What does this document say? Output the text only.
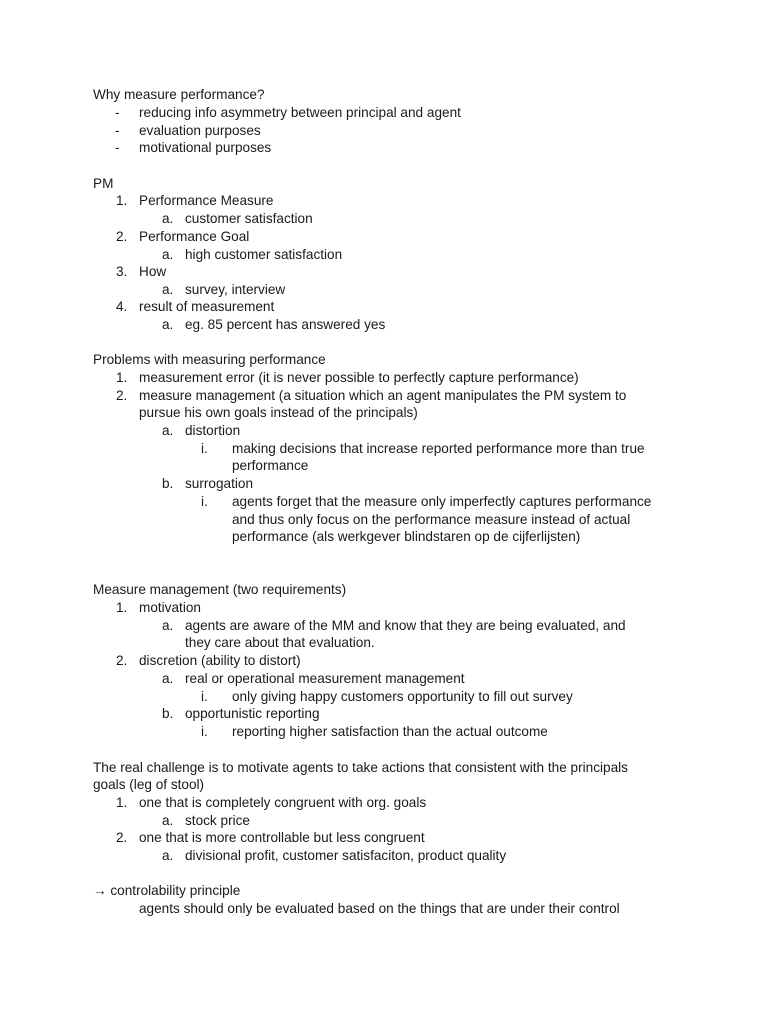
Why measure performance?
- reducing info asymmetry between principal and agent
- evaluation purposes
- motivational purposes
PM
1. Performance Measure
a. customer satisfaction
2. Performance Goal
a. high customer satisfaction
3. How
a. survey, interview
4. result of measurement
a. eg. 85 percent has answered yes
Problems with measuring performance
1. measurement error (it is never possible to perfectly capture performance)
2. measure management (a situation which an agent manipulates the PM system to
pursue his own goals instead of the principals)
a. distortion
i. making decisions that increase reported performance more than true
performance
b. surrogation
i. agents forget that the measure only imperfectly captures performance
and thus only focus on the performance measure instead of actual
performance (als werkgever blindstaren op de cijferlijsten)
Measure management (two requirements)
1. motivation
a. agents are aware of the MM and know that they are being evaluated, and
they care about that evaluation.
2. discretion (ability to distort)
a. real or operational measurement management
i. only giving happy customers opportunity to fill out survey
b. opportunistic reporting
i. reporting higher satisfaction than the actual outcome
The real challenge is to motivate agents to take actions that consistent with the principals
goals (leg of stool)
1. one that is completely congruent with org. goals
a. stock price
2. one that is more controllable but less congruent
a. divisional profit, customer satisfaciton, product quality
→ controlability principle
agents should only be evaluated based on the things that are under their control
